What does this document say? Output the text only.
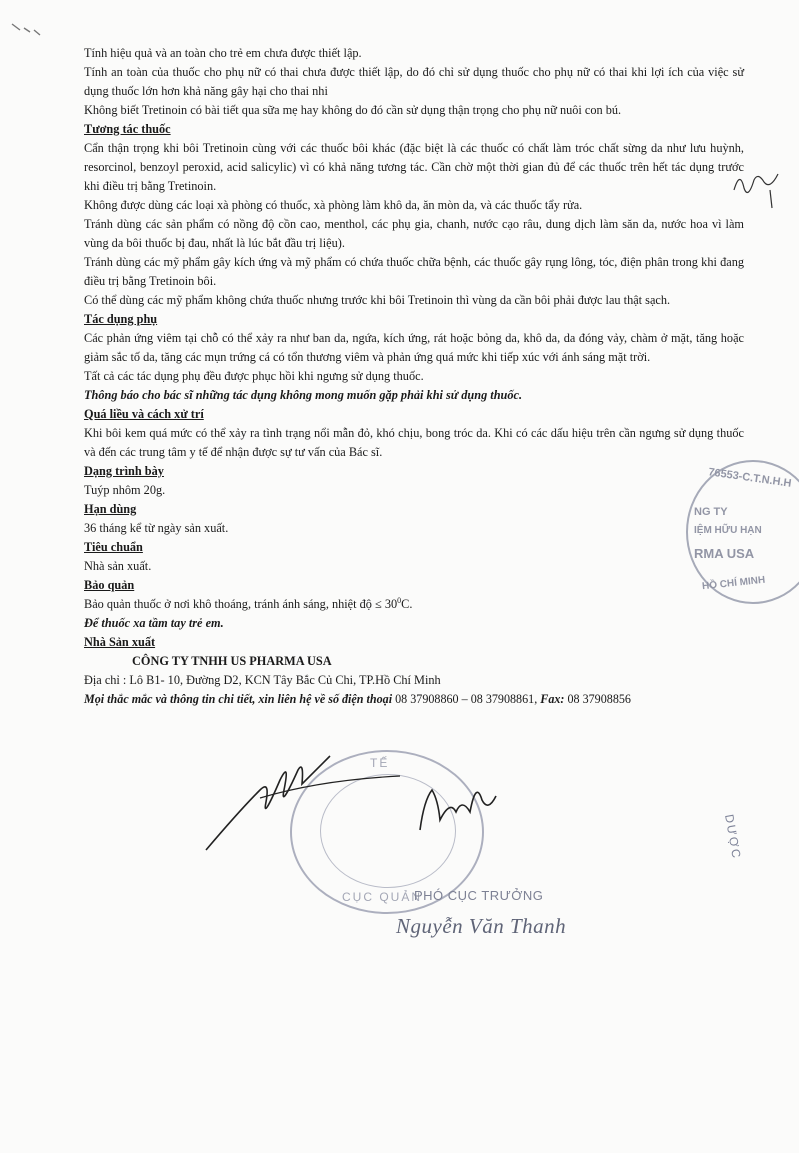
Tính hiệu quả và an toàn cho trẻ em chưa được thiết lập.

Tính an toàn của thuốc cho phụ nữ có thai chưa được thiết lập, do đó chỉ sử dụng thuốc cho phụ nữ có thai khi lợi ích của việc sử dụng thuốc lớn hơn khả năng gây hại cho thai nhi

Không biết Tretinoin có bài tiết qua sữa mẹ hay không do đó cần sử dụng thận trọng cho phụ nữ nuôi con bú.

Tương tác thuốc

Cẩn thận trọng khi bôi Tretinoin cùng với các thuốc bôi khác (đặc biệt là các thuốc có chất làm tróc chất sừng da như lưu huỳnh, resorcinol, benzoyl peroxid, acid salicylic) vì có khả năng tương tác. Cần chờ một thời gian đủ để các thuốc trên hết tác dụng trước khi điều trị bằng Tretinoin.

Không được dùng các loại xà phòng có thuốc, xà phòng làm khô da, ăn mòn da, và các thuốc tẩy rửa.

Tránh dùng các sản phẩm có nồng độ cồn cao, menthol, các phụ gia, chanh, nước cạo râu, dung dịch làm săn da, nước hoa vì làm vùng da bôi thuốc bị đau, nhất là lúc bắt đầu trị liệu).

Tránh dùng các mỹ phẩm gây kích ứng và mỹ phẩm có chứa thuốc chữa bệnh, các thuốc gây rụng lông, tóc, điện phân trong khi đang điều trị bằng Tretinoin bôi.

Có thể dùng các mỹ phẩm không chứa thuốc nhưng trước khi bôi Tretinoin thì vùng da cần bôi phải được lau thật sạch.

Tác dụng phụ

Các phản ứng viêm tại chỗ có thể xảy ra như ban da, ngứa, kích ứng, rát hoặc bỏng da, khô da, da đóng vảy, chàm ở mặt, tăng hoặc giảm sắc tố da, tăng các mụn trứng cá có tổn thương viêm và phản ứng quá mức khi tiếp xúc với ánh sáng mặt trời.

Tất cả các tác dụng phụ đều được phục hồi khi ngưng sử dụng thuốc.

Thông báo cho bác sĩ những tác dụng không mong muốn gặp phải khi sử dụng thuốc.

Quá liều và cách xử trí

Khi bôi kem quá mức có thể xảy ra tình trạng nổi mẫn đỏ, khó chịu, bong tróc da. Khi có các dấu hiệu trên cần ngưng sử dụng thuốc và đến các trung tâm y tế để nhận được sự tư vấn của Bác sĩ.

Dạng trình bày

Tuýp nhôm 20g.

Hạn dùng

36 tháng kể từ ngày sản xuất.

Tiêu chuẩn

Nhà sản xuất.

Bảo quản

Bảo quản thuốc ở nơi khô thoáng, tránh ánh sáng, nhiệt độ ≤ $30^0C$.

Để thuốc xa tầm tay trẻ em.

Nhà Sản xuất

CÔNG TY TNHH US PHARMA USA

Địa chỉ : Lô B1- 10, Đường D2, KCN Tây Bắc Củ Chi, TP.Hồ Chí Minh

Mọi thắc mắc và thông tin chi tiết, xin liên hệ về số điện thoại 08 37908860 – 08 37908861, Fax: 08 37908856

76553-C.T.N.H.H
NG TY
IỆM HỮU HẠN
RMA USA
HỒ CHÍ MINH
TẾ
CỤC QUẢN
DƯỢC
PHÓ CỤC TRƯỞNG
Nguyễn Văn Thanh
